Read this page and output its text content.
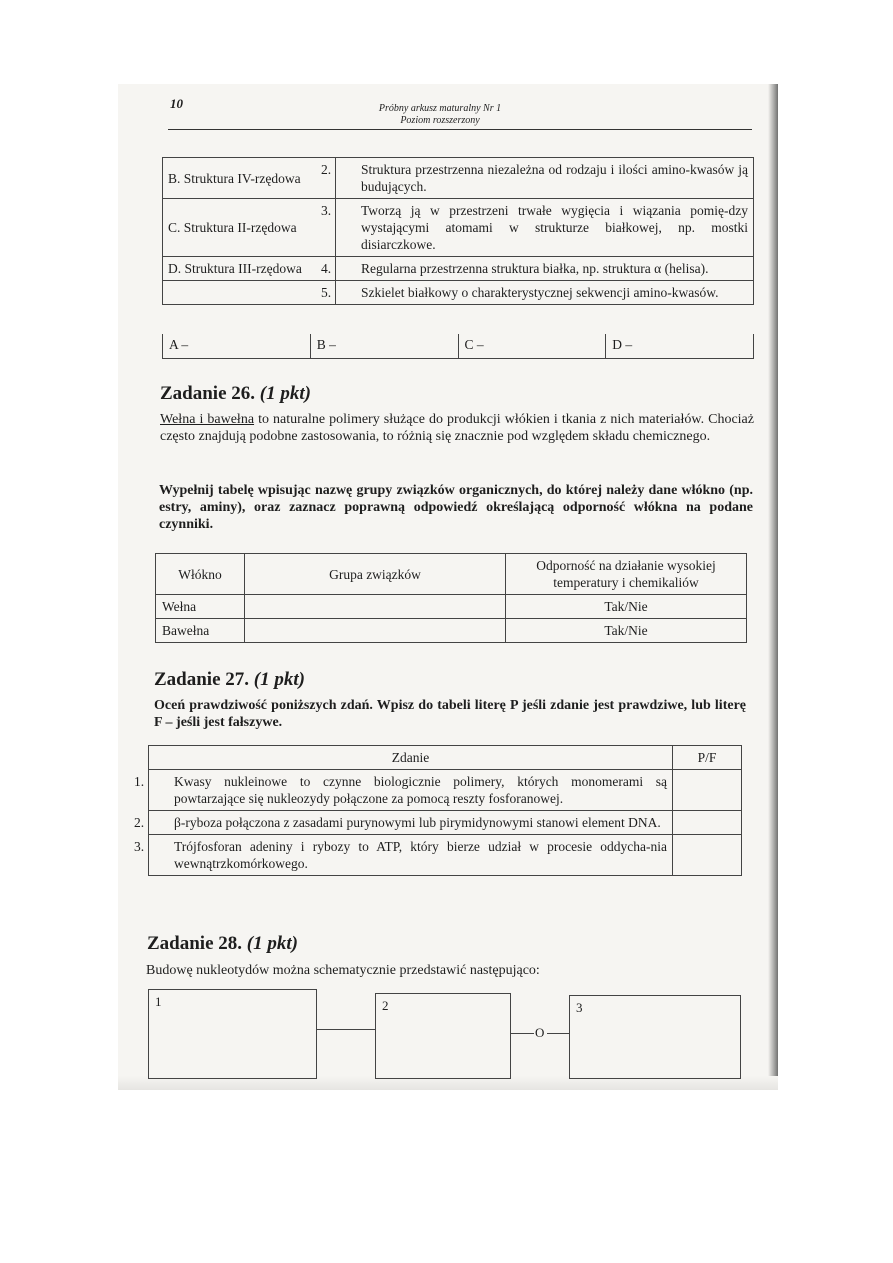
10	Próbny arkusz maturalny Nr 1
Poziom rozszerzony
B. Struktura IV-rzędowa	2. Struktura przestrzenna niezależna od rodzaju i ilości amino-kwasów ją budujących.

C. Struktura II-rzędowa	3. Tworzą ją w przestrzeni trwałe wygięcia i wiązania pomię-dzy wystającymi atomami w strukturze białkowej, np. mostki disiarczkowe.

D. Struktura III-rzędowa	4. Regularna przestrzenna struktura białka, np. struktura α (helisa).

	5. Szkielet białkowy o charakterystycznej sekwencji amino-kwasów.
A –	B –	C –	D –
Zadanie 26. (1 pkt)

Wełna i bawełna to naturalne polimery służące do produkcji włókien i tkania z nich materiałów. Chociaż często znajdują podobne zastosowania, to różnią się znacznie pod względem składu chemicznego.

Wypełnij tabelę wpisując nazwę grupy związków organicznych, do której należy dane włókno (np. estry, aminy), oraz zaznacz poprawną odpowiedź określającą odporność włókna na podane czynniki.

Włókno	Grupa związków	Odporność na działanie wysokiej temperatury i chemikaliów
Wełna		Tak/Nie
Bawełna		Tak/Nie
Zadanie 27. (1 pkt)

Oceń prawdziwość poniższych zdań. Wpisz do tabeli literę P jeśli zdanie jest prawdziwe, lub literę F – jeśli jest fałszywe.

Zdanie	P/F

1. Kwasy nukleinowe to czynne biologicznie polimery, których monomerami są powtarzające się nukleozydy połączone za pomocą reszty fosforanowej.	

2. β-ryboza połączona z zasadami purynowymi lub pirymidynowymi stanowi element DNA.	

3. Trójfosforan adeniny i rybozy to ATP, który bierze udział w procesie oddycha-nia wewnątrzkomórkowego.	

Zadanie 28. (1 pkt)

Budowę nukleotydów można schematycznie przedstawić następująco:

1	2
O
3
